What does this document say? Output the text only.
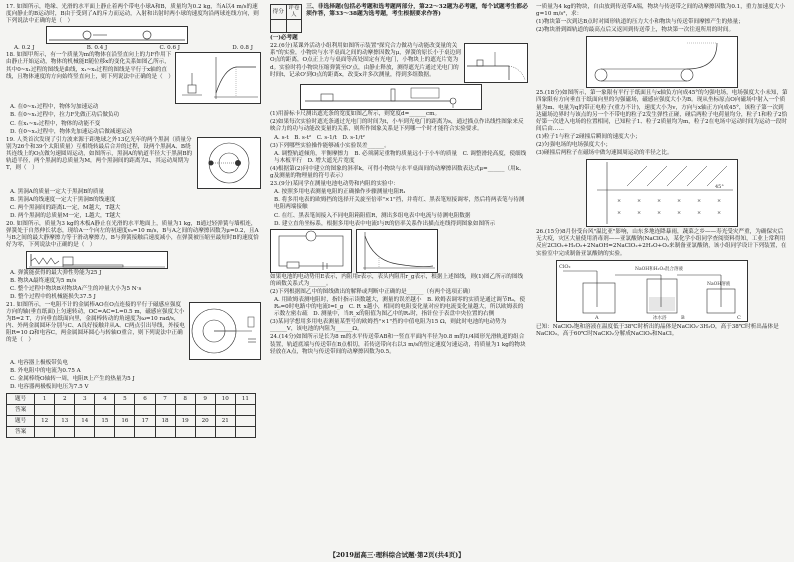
17. 如图所示，绝缘、光滑的水平面上静止着两个带电小球A和B，质量均为0.2 kg，当A以4 m/s的速度向静止的B运动时，B由于受到了A的斥力而运动，入射和出射时两小球的速度均沿两球连线方向，则下列说法中正确的是（　）

A. 0.2 J	B. 0.4 J	C. 0.6 J	D. 0.8 J

18. 如图甲所示，有一个质量为m的物体在沿竖直向上的力F作用下由静止开始运动，物体的机械能E随位移x的变化关系如图乙所示，其中0~x₁过程的图线是曲线，x₁~x₂过程的图线是平行于x轴的直线，且物体速度的方向始终竖直向上，则下列说法中正确的是（　）

A. 在0~x₁过程中，物体匀加速运动

B. 在0~x₁过程中，拉力F先做正功后做负功

C. 在x₁~x₂过程中，物体的动能不变

D. 在0~x₂过程中，物体先加速运动后做减速运动

19. 人类首次发现了引力波来源于距地球之外13亿光年的两个黑洞（质量分别为26个和39个太阳质量）互相绕转最后合并的过程，设两个黑洞A、B绕其连线上的O点做匀速圆周运动，如图所示，黑洞A的轨道半径大于黑洞B的轨道半径，两个黑洞的总质量为M，两个黑洞间的距离为L，其运动周期为T，则（　）

A. 黑洞A的质量一定大于黑洞B的质量

B. 黑洞A的线速度一定大于黑洞B的线速度

C. 两个黑洞间的距离L一定，M越大，T越大

D. 两个黑洞的总质量M一定，L越大，T越大

20. 如图所示，质量为3 kg的木板A静止在光滑的水平地面上，质量为1 kg，B通过轻弹簧与墙相连，弹簧处于自然伸长状态，现给A一个向左的初速度v₀=10 m/s，B与A之间的动摩擦因数为μ=0.2，且A与B之间的最大静摩擦力等于滑动摩擦力，B与弹簧接触后速度减小，在弹簧被压缩至最短时B的速度恰好为零，下列说法中正确的是（　）

A. 弹簧能获得的最大弹性势能为25 J

B. 物块A最终速度为5 m/s

C. 整个过程中物块B对物块A产生的冲量大小为5 N·s

D. 整个过程中的机械能损失37.5 J

21. 如图所示，一电阻不计的金属棒AO在O点连接的平行于磁感应强度方向的轴(垂直纸面)上匀速转动，OC=AC=L=0.5 m，磁感应强度大小为B=2 T，方向垂直纸面向里，金属棒转动的角速度为ω=10 rad/s，内、外两金属圆环分别与C、A良好接触并从A、C两点引出导线，外接电阻R=10 Ω和电容C，两金属圆环圆心与转轴O重合，则下列说法中正确的是（　）

A. 电容器上极板带负电

B. 外电阻中的电流为0.75 A

C. 金属棒绕O轴转一周，电阻R上产生的热量为5 J

D. 电容器两极板间电压为7.5 V

题号	1	2	3	4	5	6	7	8	9	10	11
答案											
题号	12	13	14	15	16	17	18	19	20	21	
答案											
得分	评卷人

三、非选择题(包括必考题和选考题两部分，第22～32题为必考题，每个试题考生都必须作答，第33～38题为选考题，考生根据要求作答)

(一)必考题

22.(6分)某课外活动小组利用如图所示装置"探究合力做功与动能改变量的关系"的实验，小物块与水平桌面之间的动摩擦因数为μ，弹簧的原长小于桌边到O点的距离，O点正上方与桌面等高处固定有光电门，小物块上的遮光片宽为d。实验时将小物块压缩弹簧至O'点，由静止释放，测得遮光片通过光电门的时间t，记录O'到O点的距离x，改变x并多次测量，得到多组数据。

(1)用游标卡尺测出遮光条的宽度如图乙所示，则宽度d=______cm。

(2)如果每次实验时遮光条通过光电门的时间为t，小车到光电门的距离为s，通过描点作出线性图象来反映合力的功与动能改变量的关系，则所作图象关系是下列哪一个时才能符合实验要求。

A. s-t　B. s-t²　C. s-1/t　D. s-1/t²

(3)下列哪些实验操作能够减小实验误差______。

A. 调整轨道倾角，平衡摩擦力　B. 必须满足重物的质量远小于小车的质量　C. 调整滑轮高度，使细线与木板平行　D. 增大遮光片宽度

(4)根据第(2)问中建立的图象的斜率k，可得小物块与水平桌面间的动摩擦因数表达式μ=______（用k、g及测量的物理量的符号表示）

23.(9分)某同学在测量电池电动势和内阻的实验中：

A. 按照多用电表测量电阻的正确操作步骤测量电阻R₁

B. 将多用电表的欧姆挡的选择开关旋至倍率"×1"挡，并将红、黑表笔短接调零，然后将两表笔与待测电阻两端接触

C. 在红、黑表笔间接入不同电阻箱阻值R，测出多组电表中电流与待测电阻数据

D. 建立直角坐标系，根据多用电表中电流I与R的倍率关系作出描点连线得到图象如图所示

如果电池的电动势用E表示，内阻用r表示，表头内阻用r_g表示，根据上述图线，则(1)图乙所示的图线的函数关系式为______。

(2)下列根据图乙中的图线做出的解释或判断中正确的是______（有两个选项正确）

A. 用欧姆表测电阻时，指针指示读数越大，测量的误差越小　B. 欧姆表调零的实质是通过调节R₀，使R₀=0时电路中的电流I=I_g　C. R_x越小，相同的电阻变化量对应的电流变化量越大，所以欧姆表的示数左密右疏　D. 测量中，当R_x的阻值为图乙中的R₂时，指针位于表盘中央位置的右侧

(3)某同学想用多用电表测量某型号的欧姆挡"×1"挡的中值电阻为15 Ω，则此时电池的电动势为______V，该电池的内阻为______Ω。

24.(14分)如图所示是长为8 m的水平传送带AB和一竖直平面内半径为0.8 m的1/4圆形光滑轨道的组合装置，轨道底端与传送带在B点相切，若传送带向右以3 m/s的恒定速度匀速运动，将质量为1 kg的物块轻放在A点，物块与传送带间的动摩擦因数为0.5。

一质量为4 kg的物块，自由放到传送带A端，物块与传送带之间的动摩擦因数为0.1，重力加速度大小g=10 m/s²，求：

(1)物块第一次到达B点时对圆形轨道的压力大小和物块与传送带间摩擦产生的热量；

(2)物块滑到圆轨道的最高点后又返回到传送带上，物块第一次往返所用的时间。

25.(18分)如图所示，第一象限有平行于纸面且与x轴负方向成45°的匀强电场，电场强度大小未知，第四象限有方向垂直于纸面向里的匀强磁场，磁感应强度大小为B。现从坐标原点O向磁场中射入一个质量为m、电量为q的带正电粒子(重力不计)，速度大小为v，方向与x轴正方向成45°，该粒子第一次到达磁场边界时与该点的另一个不带电的粒子2发生弹性正碰，碰后两粒子电荷量均分，粒子1和粒子2恰好第一次进入电场的位置相同，已知粒子1、粒子2质量均为m，粒子2在电场中运动时间为运动一段时间后由……

(1)粒子1与粒子2碰撞后瞬间的速度大小；

(2)匀强电场的电场强度大小；

(3)碰撞后两粒子在磁场中做匀速圆周运动的半径之比。

×	×	×	×	×	×
×	×	×	×	×	×
45°

26.(15分)8月份受台风"温比亚"影响，山东多地连降暴雨，蔬菜之乡——寿光受灾严重，为确保灾后无大疫，灾区大量使用消毒剂——亚氯酸钠(NaClO₂)，某化学小组同学查阅资料得知，工业上常利用反应2ClO₂+H₂O₂+2NaOH=2NaClO₂+2H₂O+O₂来制备亚氯酸钠，该小组同学设计下列装置，在实验室中完成制备亚氯酸钠的实验。

ClO₂	NaOH和H₂O₂混合溶液
冰水浴
NaOH溶液
A	B	C

已知：NaClO₂饱和溶液在温度低于38℃时析出的晶体是NaClO₂·3H₂O，高于38℃时析出晶体是NaClO₂，高于60℃时NaClO₂分解成NaClO₃和NaCl。

【2019届高三·理科综合试题·第2页(共4页)】
